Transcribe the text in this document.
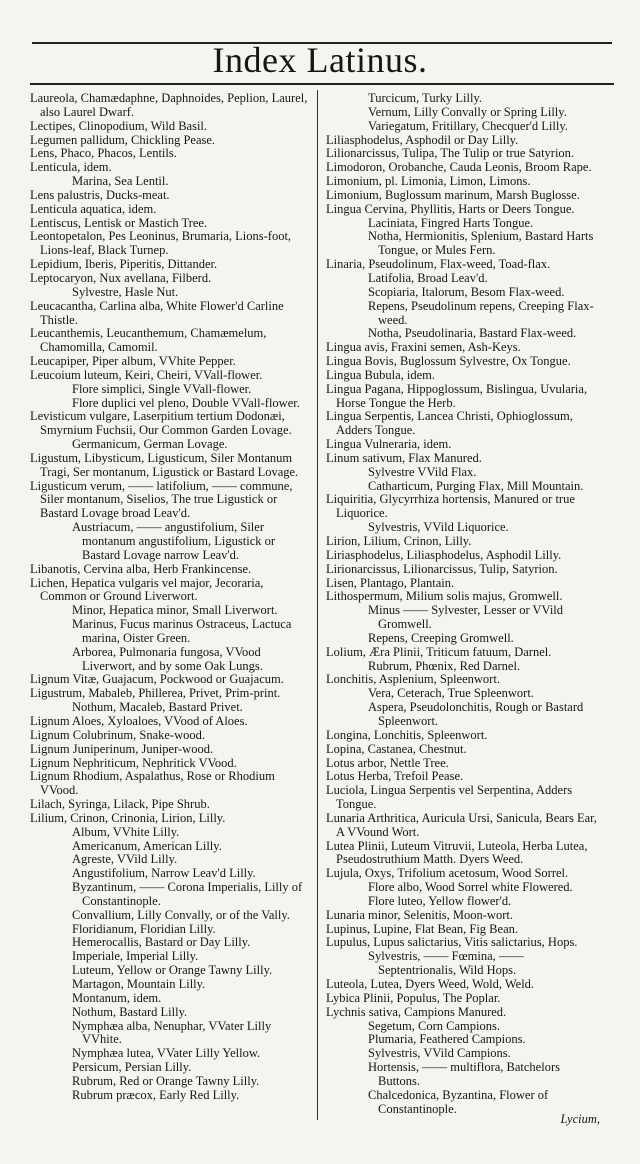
Index Latinus.
Laureola, Chamædaphne, Daphnoides, Peplion, Laurel, also Laurel Dwarf.
Lectipes, Clinopodium, Wild Basil.
Legumen pallidum, Chickling Pease.
Lens, Phaco, Phacos, Lentils.
Lenticula, idem.
Marina, Sea Lentil.
Lens palustris, Ducks-meat.
Lenticula aquatica, idem.
Lentiscus, Lentisk or Mastich Tree.
Leontopetalon, Pes Leoninus, Brumaria, Lions-foot, Lions-leaf, Black Turnep.
Lepidium, Iberis, Piperitis, Dittander.
Leptocaryon, Nux avellana, Filberd.
Sylvestre, Hasle Nut.
Leucacantha, Carlina alba, White Flower'd Carline Thistle.
Leucanthemis, Leucanthemum, Chamæmelum, Chamomilla, Camomil.
Leucapiper, Piper album, VVhite Pepper.
Leucoium luteum, Keiri, Cheiri, VVall-flower.
Flore simplici, Single VVall-flower.
Flore duplici vel pleno, Double VVall-flower.
Levisticum vulgare, Laserpitium tertium Dodonæi, Smyrnium Fuchsii, Our Common Garden Lovage.
Germanicum, German Lovage.
Ligustum, Libysticum, Ligusticum, Siler Montanum Tragi, Ser montanum, Ligustick or Bastard Lovage.
Ligusticum verum, —— latifolium, —— commune, Siler montanum, Siselios, The true Ligustick or Bastard Lovage broad Leav'd.
Austriacum, —— angustifolium, Siler montanum angustifolium, Ligustick or Bastard Lovage narrow Leav'd.
Libanotis, Cervina alba, Herb Frankincense.
Lichen, Hepatica vulgaris vel major, Jecoraria, Common or Ground Liverwort.
Minor, Hepatica minor, Small Liverwort.
Marinus, Fucus marinus Ostraceus, Lactuca marina, Oister Green.
Arborea, Pulmonaria fungosa, VVood Liverwort, and by some Oak Lungs.
Lignum Vitæ, Guajacum, Pockwood or Guajacum.
Ligustrum, Mabaleb, Phillerea, Privet, Prim-print.
Nothum, Macaleb, Bastard Privet.
Lignum Aloes, Xyloaloes, VVood of Aloes.
Lignum Colubrinum, Snake-wood.
Lignum Juniperinum, Juniper-wood.
Lignum Nephriticum, Nephritick VVood.
Lignum Rhodium, Aspalathus, Rose or Rhodium VVood.
Lilach, Syringa, Lilack, Pipe Shrub.
Lilium, Crinon, Crinonia, Lirion, Lilly.
Album, VVhite Lilly.
Americanum, American Lilly.
Agreste, VVild Lilly.
Angustifolium, Narrow Leav'd Lilly.
Byzantinum, —— Corona Imperialis, Lilly of Constantinople.
Convallium, Lilly Convally, or of the Vally.
Floridianum, Floridian Lilly.
Hemerocallis, Bastard or Day Lilly.
Imperiale, Imperial Lilly.
Luteum, Yellow or Orange Tawny Lilly.
Martagon, Mountain Lilly.
Montanum, idem.
Nothum, Bastard Lilly.
Nymphæa alba, Nenuphar, VVater Lilly VVhite.
Nymphæa lutea, VVater Lilly Yellow.
Persicum, Persian Lilly.
Rubrum, Red or Orange Tawny Lilly.
Rubrum præcox, Early Red Lilly.
Turcicum, Turky Lilly.
Vernum, Lilly Convally or Spring Lilly.
Variegatum, Fritillary, Checquer'd Lilly.
Liliasphodelus, Asphodil or Day Lilly.
Lilionarcissus, Tulipa, The Tulip or true Satyrion.
Limodoron, Orobanche, Cauda Leonis, Broom Rape.
Limonium, pl. Limonia, Limon, Limons.
Limonium, Buglossum marinum, Marsh Buglosse.
Lingua Cervina, Phyllitis, Harts or Deers Tongue.
Laciniata, Fingred Harts Tongue.
Notha, Hermionitis, Splenium, Bastard Harts Tongue, or Mules Fern.
Linaria, Pseudolinum, Flax-weed, Toad-flax.
Latifolia, Broad Leav'd.
Scopiaria, Italorum, Besom Flax-weed.
Repens, Pseudolinum repens, Creeping Flax-weed.
Notha, Pseudolinaria, Bastard Flax-weed.
Lingua avis, Fraxini semen, Ash-Keys.
Lingua Bovis, Buglossum Sylvestre, Ox Tongue.
Lingua Bubula, idem.
Lingua Pagana, Hippoglossum, Bislingua, Uvularia, Horse Tongue the Herb.
Lingua Serpentis, Lancea Christi, Ophioglossum, Adders Tongue.
Lingua Vulneraria, idem.
Linum sativum, Flax Manured.
Sylvestre VVild Flax.
Catharticum, Purging Flax, Mill Mountain.
Liquiritia, Glycyrrhiza hortensis, Manured or true Liquorice.
Sylvestris, VVild Liquorice.
Lirion, Lilium, Crinon, Lilly.
Liriasphodelus, Liliasphodelus, Asphodil Lilly.
Lirionarcissus, Lilionarcissus, Tulip, Satyrion.
Lisen, Plantago, Plantain.
Lithospermum, Milium solis majus, Gromwell.
Minus —— Sylvester, Lesser or VVild Gromwell.
Repens, Creeping Gromwell.
Lolium, Æra Plinii, Triticum fatuum, Darnel.
Rubrum, Phœnix, Red Darnel.
Lonchitis, Asplenium, Spleenwort.
Vera, Ceterach, True Spleenwort.
Aspera, Pseudolonchitis, Rough or Bastard Spleenwort.
Longina, Lonchitis, Spleenwort.
Lopina, Castanea, Chestnut.
Lotus arbor, Nettle Tree.
Lotus Herba, Trefoil Pease.
Luciola, Lingua Serpentis vel Serpentina, Adders Tongue.
Lunaria Arthritica, Auricula Ursi, Sanicula, Bears Ear, A VVound Wort.
Lutea Plinii, Luteum Vitruvii, Luteola, Herba Lutea, Pseudostruthium Matth. Dyers Weed.
Lujula, Oxys, Trifolium acetosum, Wood Sorrel.
Flore albo, Wood Sorrel white Flowered.
Flore luteo, Yellow flower'd.
Lunaria minor, Selenitis, Moon-wort.
Lupinus, Lupine, Flat Bean, Fig Bean.
Lupulus, Lupus salictarius, Vitis salictarius, Hops.
Sylvestris, —— Fœmina, —— Septentrionalis, Wild Hops.
Luteola, Lutea, Dyers Weed, Wold, Weld.
Lybica Plinii, Populus, The Poplar.
Lychnis sativa, Campions Manured.
Segetum, Corn Campions.
Plumaria, Feathered Campions.
Sylvestris, VVild Campions.
Hortensis, —— multiflora, Batchelors Buttons.
Chalcedonica, Byzantina, Flower of Constantinople.
Lycium,
